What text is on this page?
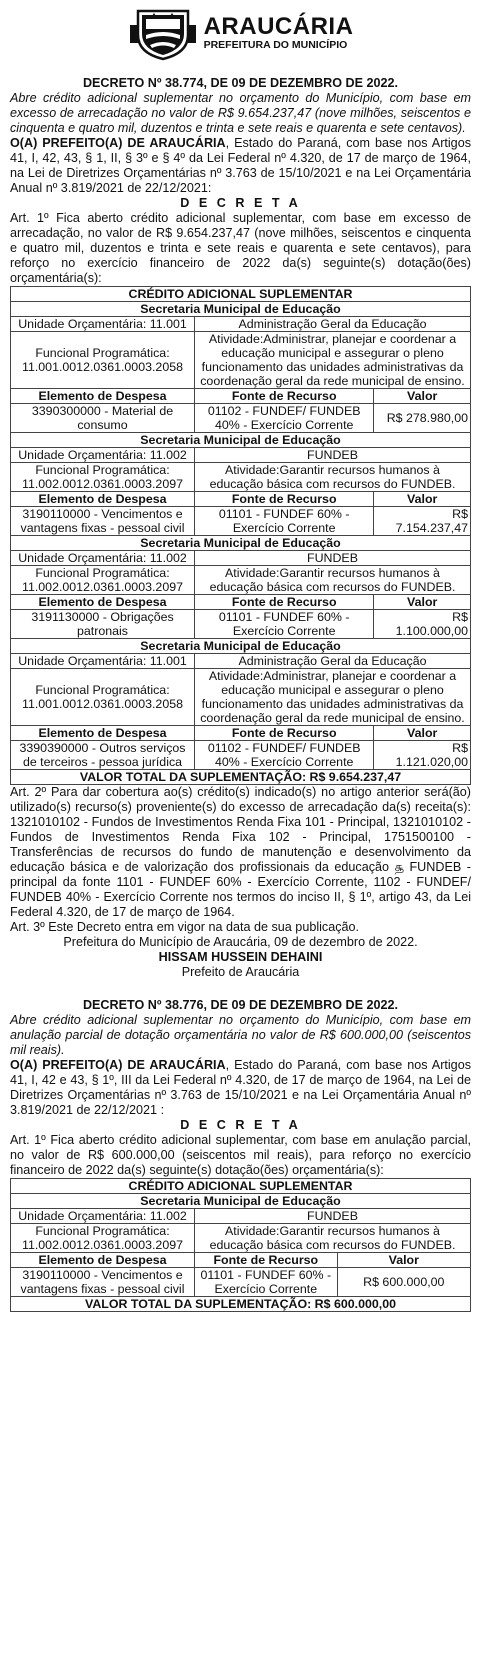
ARAUCÁRIA
PREFEITURA DO MUNICÍPIO
DECRETO Nº 38.774, DE 09 DE DEZEMBRO DE 2022.
Abre crédito adicional suplementar no orçamento do Município, com base em excesso de arrecadação no valor de R$ 9.654.237,47 (nove milhões, seiscentos e cinquenta e quatro mil, duzentos e trinta e sete reais e quarenta e sete centavos).
O(A) PREFEITO(A) DE ARAUCÁRIA, Estado do Paraná, com base nos Artigos 41, I, 42, 43, § 1, II, § 3º e § 4º da Lei Federal nº 4.320, de 17 de março de 1964, na Lei de Diretrizes Orçamentárias nº 3.763 de 15/10/2021 e na Lei Orçamentária Anual nº 3.819/2021 de 22/12/2021:
D E C R E T A
Art. 1º Fica aberto crédito adicional suplementar, com base em excesso de arrecadação, no valor de R$ 9.654.237,47 (nove milhões, seiscentos e cinquenta e quatro mil, duzentos e trinta e sete reais e quarenta e sete centavos), para reforço no exercício financeiro de 2022 da(s) seguinte(s) dotação(ões) orçamentária(s):
CRÉDITO ADICIONAL SUPLEMENTAR		
Secretaria Municipal de Educação		
Unidade Orçamentária: 11.001	Administração Geral da Educação	
Funcional Programática: 11.001.0012.0361.0003.2058	Atividade:Administrar, planejar e coordenar a educação municipal e assegurar o pleno funcionamento das unidades administrativas da coordenação geral da rede municipal de ensino.	
Elemento de Despesa	Fonte de Recurso	Valor
3390300000 - Material de consumo	01102 - FUNDEF/ FUNDEB 40% - Exercício Corrente	R$ 278.980,00
Secretaria Municipal de Educação		
Unidade Orçamentária: 11.002	FUNDEB	
Funcional Programática: 11.002.0012.0361.0003.2097	Atividade:Garantir recursos humanos à educação básica com recursos do FUNDEB.	
Elemento de Despesa	Fonte de Recurso	Valor
3190110000 - Vencimentos e vantagens fixas - pessoal civil	01101 - FUNDEF 60% - Exercício Corrente	R$ 7.154.237,47
Secretaria Municipal de Educação		
Unidade Orçamentária: 11.002	FUNDEB	
Funcional Programática: 11.002.0012.0361.0003.2097	Atividade:Garantir recursos humanos à educação básica com recursos do FUNDEB.	
Elemento de Despesa	Fonte de Recurso	Valor
3191130000 - Obrigações patronais	01101 - FUNDEF 60% - Exercício Corrente	R$ 1.100.000,00
Secretaria Municipal de Educação		
Unidade Orçamentária: 11.001	Administração Geral da Educação	
Funcional Programática: 11.001.0012.0361.0003.2058	Atividade:Administrar, planejar e coordenar a educação municipal e assegurar o pleno funcionamento das unidades administrativas da coordenação geral da rede municipal de ensino.	
Elemento de Despesa	Fonte de Recurso	Valor
3390390000 - Outros serviços de terceiros - pessoa jurídica	01102 - FUNDEF/ FUNDEB 40% - Exercício Corrente	R$ 1.121.020,00
VALOR TOTAL DA SUPLEMENTAÇÃO: R$ 9.654.237,47		
Art. 2º Para dar cobertura ao(s) crédito(s) indicado(s) no artigo anterior será(ão) utilizado(s) recurso(s) proveniente(s) do excesso de arrecadação da(s) receita(s): 1321010102 - Fundos de Investimentos Renda Fixa 101 - Principal, 1321010102 - Fundos de Investimentos Renda Fixa 102 - Principal, 1751500100 - Transferências de recursos do fundo de manutenção e desenvolvimento da educação básica e de valorização dos profissionais da educação ௲ FUNDEB - principal da fonte 1101 - FUNDEF 60% - Exercício Corrente, 1102 - FUNDEF/ FUNDEB 40% - Exercício Corrente nos termos do inciso II, § 1º, artigo 43, da Lei Federal 4.320, de 17 de março de 1964.
Art. 3º Este Decreto entra em vigor na data de sua publicação.
Prefeitura do Município de Araucária, 09 de dezembro de 2022.
HISSAM HUSSEIN DEHAINI
Prefeito de Araucária
DECRETO Nº 38.776, DE 09 DE DEZEMBRO DE 2022.
Abre crédito adicional suplementar no orçamento do Município, com base em anulação parcial de dotação orçamentária no valor de R$ 600.000,00 (seiscentos mil reais).
O(A) PREFEITO(A) DE ARAUCÁRIA, Estado do Paraná, com base nos Artigos 41, I, 42 e 43, § 1º, III da Lei Federal nº 4.320, de 17 de março de 1964, na Lei de Diretrizes Orçamentárias nº 3.763 de 15/10/2021 e na Lei Orçamentária Anual nº 3.819/2021 de 22/12/2021 :
D E C R E T A
Art. 1º Fica aberto crédito adicional suplementar, com base em anulação parcial, no valor de R$ 600.000,00 (seiscentos mil reais), para reforço no exercício financeiro de 2022 da(s) seguinte(s) dotação(ões) orçamentária(s):
CRÉDITO ADICIONAL SUPLEMENTAR		
Secretaria Municipal de Educação		
Unidade Orçamentária: 11.002	FUNDEB	
Funcional Programática: 11.002.0012.0361.0003.2097	Atividade:Garantir recursos humanos à educação básica com recursos do FUNDEB.	
Elemento de Despesa	Fonte de Recurso	Valor
3190110000 - Vencimentos e vantagens fixas - pessoal civil	01101 - FUNDEF 60% - Exercício Corrente	R$ 600.000,00
VALOR TOTAL DA SUPLEMENTAÇÃO: R$ 600.000,00		
